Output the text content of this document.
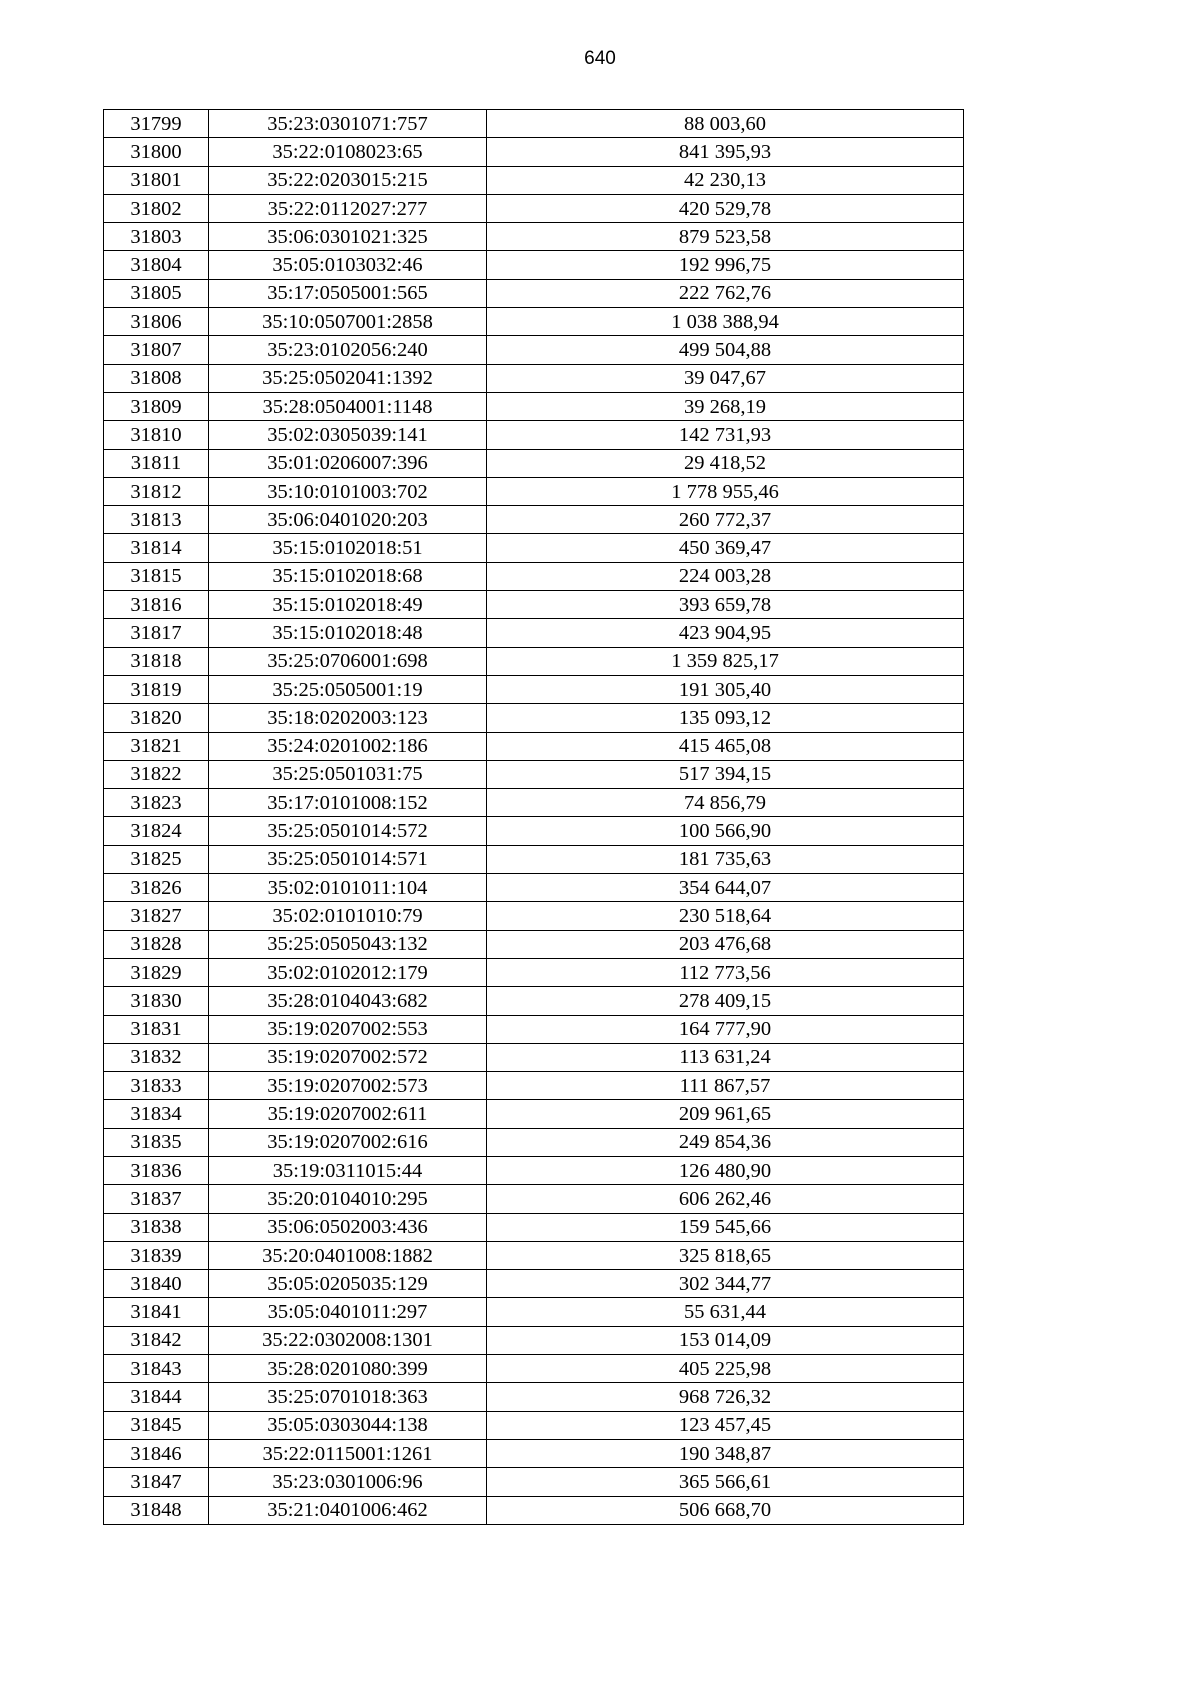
640
31799	35:23:0301071:757	88 003,60
31800	35:22:0108023:65	841 395,93
31801	35:22:0203015:215	42 230,13
31802	35:22:0112027:277	420 529,78
31803	35:06:0301021:325	879 523,58
31804	35:05:0103032:46	192 996,75
31805	35:17:0505001:565	222 762,76
31806	35:10:0507001:2858	1 038 388,94
31807	35:23:0102056:240	499 504,88
31808	35:25:0502041:1392	39 047,67
31809	35:28:0504001:1148	39 268,19
31810	35:02:0305039:141	142 731,93
31811	35:01:0206007:396	29 418,52
31812	35:10:0101003:702	1 778 955,46
31813	35:06:0401020:203	260 772,37
31814	35:15:0102018:51	450 369,47
31815	35:15:0102018:68	224 003,28
31816	35:15:0102018:49	393 659,78
31817	35:15:0102018:48	423 904,95
31818	35:25:0706001:698	1 359 825,17
31819	35:25:0505001:19	191 305,40
31820	35:18:0202003:123	135 093,12
31821	35:24:0201002:186	415 465,08
31822	35:25:0501031:75	517 394,15
31823	35:17:0101008:152	74 856,79
31824	35:25:0501014:572	100 566,90
31825	35:25:0501014:571	181 735,63
31826	35:02:0101011:104	354 644,07
31827	35:02:0101010:79	230 518,64
31828	35:25:0505043:132	203 476,68
31829	35:02:0102012:179	112 773,56
31830	35:28:0104043:682	278 409,15
31831	35:19:0207002:553	164 777,90
31832	35:19:0207002:572	113 631,24
31833	35:19:0207002:573	111 867,57
31834	35:19:0207002:611	209 961,65
31835	35:19:0207002:616	249 854,36
31836	35:19:0311015:44	126 480,90
31837	35:20:0104010:295	606 262,46
31838	35:06:0502003:436	159 545,66
31839	35:20:0401008:1882	325 818,65
31840	35:05:0205035:129	302 344,77
31841	35:05:0401011:297	55 631,44
31842	35:22:0302008:1301	153 014,09
31843	35:28:0201080:399	405 225,98
31844	35:25:0701018:363	968 726,32
31845	35:05:0303044:138	123 457,45
31846	35:22:0115001:1261	190 348,87
31847	35:23:0301006:96	365 566,61
31848	35:21:0401006:462	506 668,70
